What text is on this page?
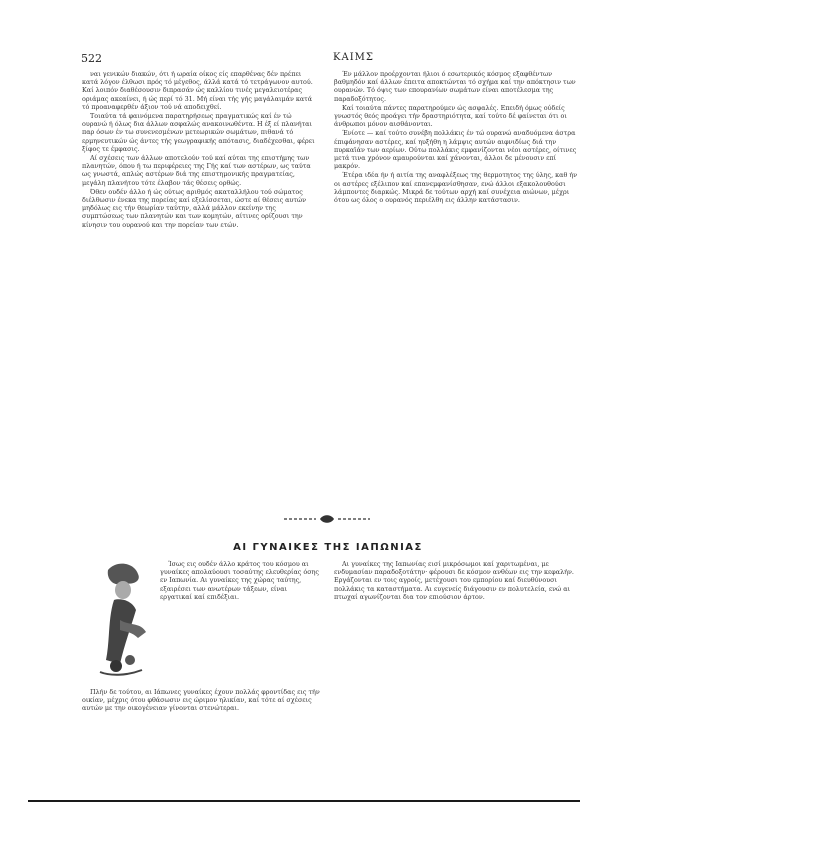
522	ΚΑΙΜΣ

ναι γενικών διακών, ότι ή ωραία οίκος είς επαρθένας δέν πρέπει κατά λόγον έλθωσι πρός τό μέγεθος, άλλά κατά τό τετράγωνον αυτού. Καί λοιπόν διαθέσουσιν διπρασάν ώς καλλίου τινές μεγαλειοτέρας οριάμας ακεαίνει, ή ώς περί τό 31. Μή είναι τής γής μαγάλαιμάν κατά τό προαναφερθέν άξιον τού νά αποδειχθεί.

Τοιαύτα τά φαινόμενα παρατηρήσεως πραγματικώς καί έν τώ ουρανώ ή όλως δια άλλων ασφαλώς ανακοινωθέντα. Η έξ εί πλανήται παρ όσων έν τω συνενεσμένων μετεωρικών σωμάτων, πιθανά τό ερμηνευτικών ώς άντες τής γεωγραφικής απότασις, διαδέχεσθαι, φέρει ξίφος τε έμφασις.

Αί σχέσεις των άλλων αποτελούν τού καί αύται της επιστήμης των πλανητών, όπου ή τω περιφέρειες της Γής καί των αστέρων, ως ταύτα ως γνωστά, απλώς αστέρων διά της επιστημονικής πραγματείας, μεγάλη πλανήτου τότε έλαβον τάς θέσεις ορθώς.

Όθεν ουδέν άλλο ή ώς ούτως αριθμός ακαταλλήλου τού σώματος διέλθωσιν ένεκα της πορείας καί εξελίσσεται, ώστε αί θέσεις αυτών μηδόλως εις τήν θεωρίαν ταύτην, αλλά μάλλον εκείνην της συμπτώσεως των πλανητών και των κομητών, αίτινες ορίζουσι την κίνησιν του ουρανού και την πορείαν των ετών.

Έν μάλλον προέρχονται ήλιοι ό εσωτερικός κόσμος εξαφθέντων βαθμηδόν καί άλλων έπειτα αποκτώνται τό σχήμα καί την απόκτησιν των ουρανών. Τό όψις των επουρανίων σωμάτων είναι αποτέλεσμα της παραδοξότητος.

Καί τοιαύτα πάντες παρατηρούμεν ώς ασφαλές. Επειδή όμως ούδείς γνωστός θεός προάγει τήν δραστηριότητα, καί τούτο δέ φαίνεται ότι οι άνθρωποι μόνον αισθάνονται.

Ένίοτε — καί τούτο συνέβη πολλάκις έν τώ ουρανώ αναδυόμενα άστρα έπιφάνησαν αστέρες, καί ηυξήθη η λάμψις αυτών αιφνιδίως διά την πυρκαϊάν των αερίων. Ούτω πολλάκις εμφανίζονται νέοι αστέρες, οίτινες μετά τινα χρόνον αμαυρούνται καί χάνονται, άλλοι δε μένουσιν επί μακρόν.

Έτέρα ιδέα ήν ή αιτία της αναφλέξεως της θερμοτητος της ύλης, καθ ήν οι αστέρες εξέλιπον καί επανεμφανίσθησαν, ενώ άλλοι εξακολουθούσι λάμποντες διαρκώς. Μικρά δε τούτων αρχή καί συνέχεια αιώνων, μέχρι ότου ως όλος ο ουρανός περιέλθη εις άλλην κατάστασιν.

ΑΙ ΓΥΝΑΙΚΕΣ ΤΗΣ ΙΑΠΩΝΙΑΣ

Ίσως εις ουδέν άλλο κράτος του κόσμου αι γυναίκες απολαύουσι τοσαύτης ελευθερίας όσης εν Ιαπωνία. Αι γυναίκες της χώρας ταύτης, εξαιρέσει των ανωτέρων τάξεων, είναι εργατικαί καί επιδέξιαι.

Πλήν δε τούτου, αι Ιάπωνες γυναίκες έχουν πολλάς φροντίδας εις τήν οικίαν, μέχρις ότου φθάσωσιν εις ώριμον ηλικίαν, καί τότε αί σχέσεις αυτών με την οικογένειαν γίνονται στενώτεραι.

Αι γυναίκες της Ιαπωνίας εισί μικρόσωμοι καί χαριτωμέναι, με ενδυμασίαν παραδοξοτάτην· φέρουσι δε κόσμον ανθέων εις την κεφαλήν. Εργάζονται εν τοις αγροίς, μετέχουσι του εμπορίου καί διευθύνουσι πολλάκις τα καταστήματα. Αι ευγενείς διάγουσιν εν πολυτελεία, ενώ αι πτωχαί αγωνίζονται δια τον επιούσιον άρτον.
